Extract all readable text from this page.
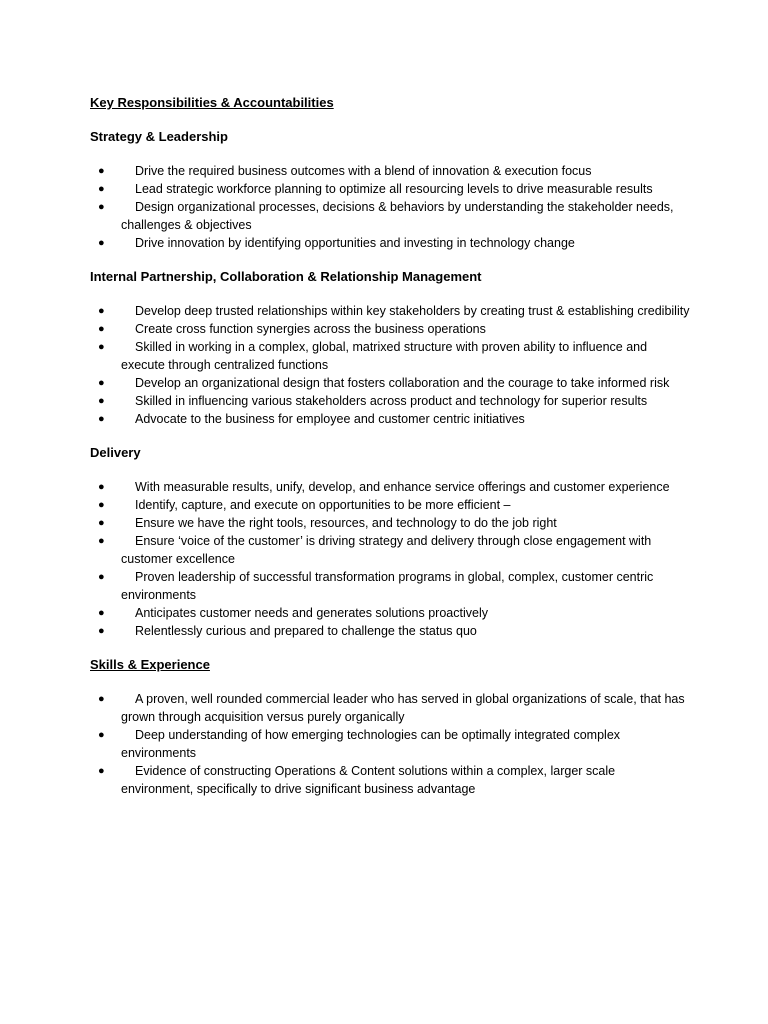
Key Responsibilities & Accountabilities
Strategy & Leadership
● Drive the required business outcomes with a blend of innovation & execution focus
● Lead strategic workforce planning to optimize all resourcing levels to drive measurable results
● Design organizational processes, decisions & behaviors by understanding the stakeholder needs, challenges & objectives
● Drive innovation by identifying opportunities and investing in technology change
Internal Partnership, Collaboration & Relationship Management
● Develop deep trusted relationships within key stakeholders by creating trust & establishing credibility
● Create cross function synergies across the business operations
● Skilled in working in a complex, global, matrixed structure with proven ability to influence and execute through centralized functions
● Develop an organizational design that fosters collaboration and the courage to take informed risk
● Skilled in influencing various stakeholders across product and technology for superior results
● Advocate to the business for employee and customer centric initiatives
Delivery
● With measurable results, unify, develop, and enhance service offerings and customer experience
● Identify, capture, and execute on opportunities to be more efficient –
● Ensure we have the right tools, resources, and technology to do the job right
● Ensure ‘voice of the customer’ is driving strategy and delivery through close engagement with customer excellence
● Proven leadership of successful transformation programs in global, complex, customer centric environments
● Anticipates customer needs and generates solutions proactively
● Relentlessly curious and prepared to challenge the status quo
Skills & Experience
● A proven, well rounded commercial leader who has served in global organizations of scale, that has grown through acquisition versus purely organically
● Deep understanding of how emerging technologies can be optimally integrated complex environments
● Evidence of constructing Operations & Content solutions within a complex, larger scale environment, specifically to drive significant business advantage
